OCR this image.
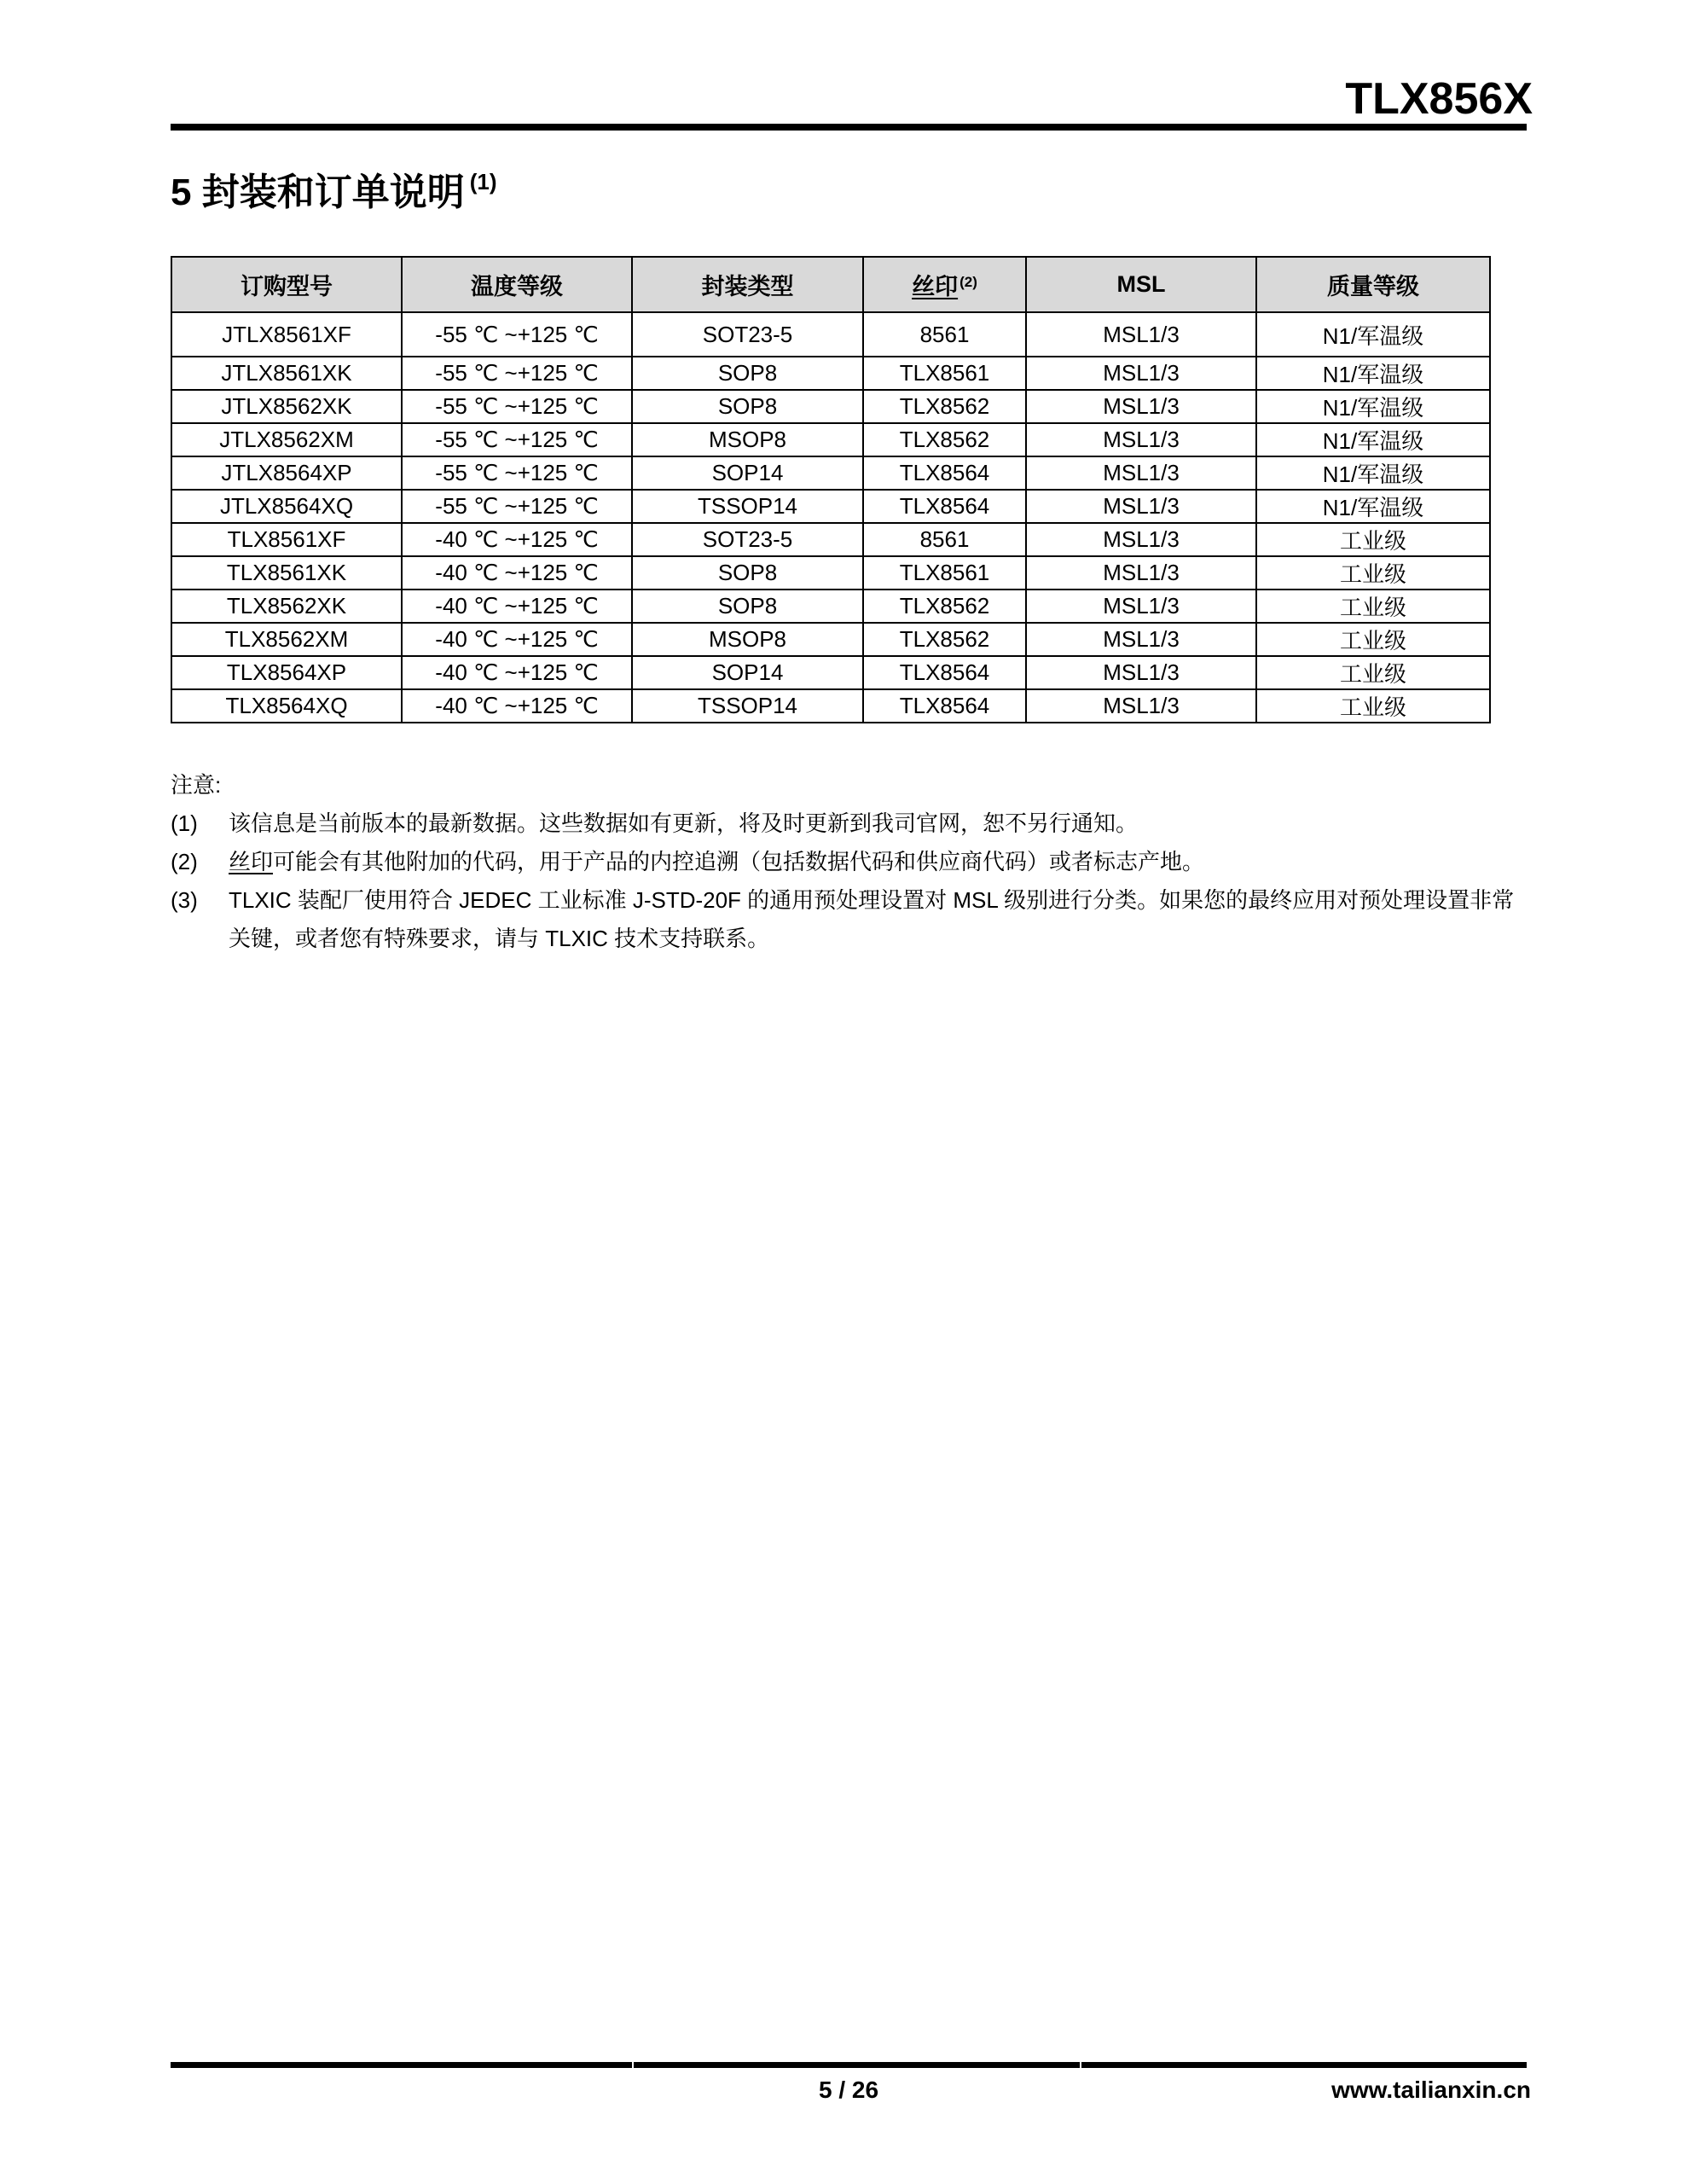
TLX856X
5 封装和订单说明 $^{(1)}$
订购型号	温度等级	封装类型	丝印 (2)	MSL	质量等级
JTLX8561XF	-55 ℃ ~+125 ℃	SOT23-5	8561	MSL1/3	N1/军温级
JTLX8561XK	-55 ℃ ~+125 ℃	SOP8	TLX8561	MSL1/3	N1/军温级
JTLX8562XK	-55 ℃ ~+125 ℃	SOP8	TLX8562	MSL1/3	N1/军温级
JTLX8562XM	-55 ℃ ~+125 ℃	MSOP8	TLX8562	MSL1/3	N1/军温级
JTLX8564XP	-55 ℃ ~+125 ℃	SOP14	TLX8564	MSL1/3	N1/军温级
JTLX8564XQ	-55 ℃ ~+125 ℃	TSSOP14	TLX8564	MSL1/3	N1/军温级
TLX8561XF	-40 ℃ ~+125 ℃	SOT23-5	8561	MSL1/3	工业级
TLX8561XK	-40 ℃ ~+125 ℃	SOP8	TLX8561	MSL1/3	工业级
TLX8562XK	-40 ℃ ~+125 ℃	SOP8	TLX8562	MSL1/3	工业级
TLX8562XM	-40 ℃ ~+125 ℃	MSOP8	TLX8562	MSL1/3	工业级
TLX8564XP	-40 ℃ ~+125 ℃	SOP14	TLX8564	MSL1/3	工业级
TLX8564XQ	-40 ℃ ~+125 ℃	TSSOP14	TLX8564	MSL1/3	工业级
注意:
(1)	该信息是当前版本的最新数据。这些数据如有更新，将及时更新到我司官网，恕不另行通知。
(2)	丝印可能会有其他附加的代码，用于产品的内控追溯（包括数据代码和供应商代码）或者标志产地。
(3)	TLXIC 装配厂使用符合 JEDEC 工业标准 J-STD-20F 的通用预处理设置对 MSL 级别进行分类。如果您的最终应用对预处理设置非常关键，或者您有特殊要求，请与 TLXIC 技术支持联系。
5 / 26	www.tailianxin.cn
